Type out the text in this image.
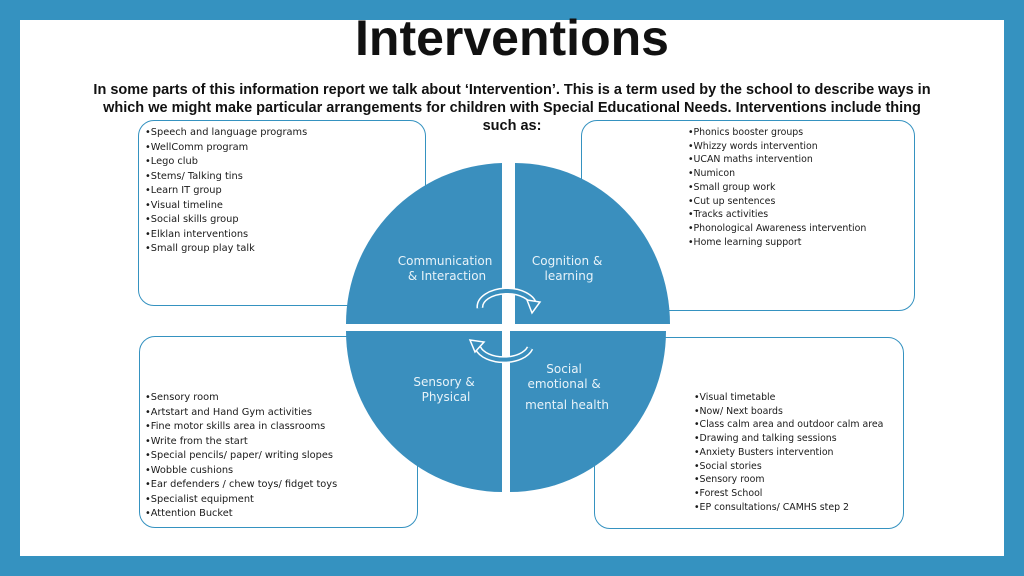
Interventions
In some parts of this information report we talk about ‘Intervention’. This is a term used by the school to describe ways in which we might make particular arrangements for children with Special Educational Needs. Interventions include thing such as:
• Speech and language programs
• WellComm program
• Lego club
• Stems/ Talking tins
• Learn IT group
• Visual timeline
• Social skills group
• Elklan interventions
• Small group play talk
• Phonics booster groups
• Whizzy words intervention
• UCAN maths intervention
• Numicon
• Small group work
• Cut up sentences
• Tracks activities
• Phonological Awareness intervention
• Home learning support
• Sensory room
• Artstart and Hand Gym activities
• Fine motor skills area in classrooms
• Write from the start
• Special pencils/ paper/ writing slopes
• Wobble cushions
• Ear defenders / chew toys/ fidget toys
• Specialist equipment
• Attention Bucket
• Visual timetable
• Now/ Next boards
• Class calm area and outdoor calm area
• Drawing and talking sessions
• Anxiety Busters intervention
• Social stories
• Sensory room
• Forest School
• EP consultations/ CAMHS step 2
Communication & Interaction
Cognition & learning
Sensory & Physical
Social emotional & mental health
